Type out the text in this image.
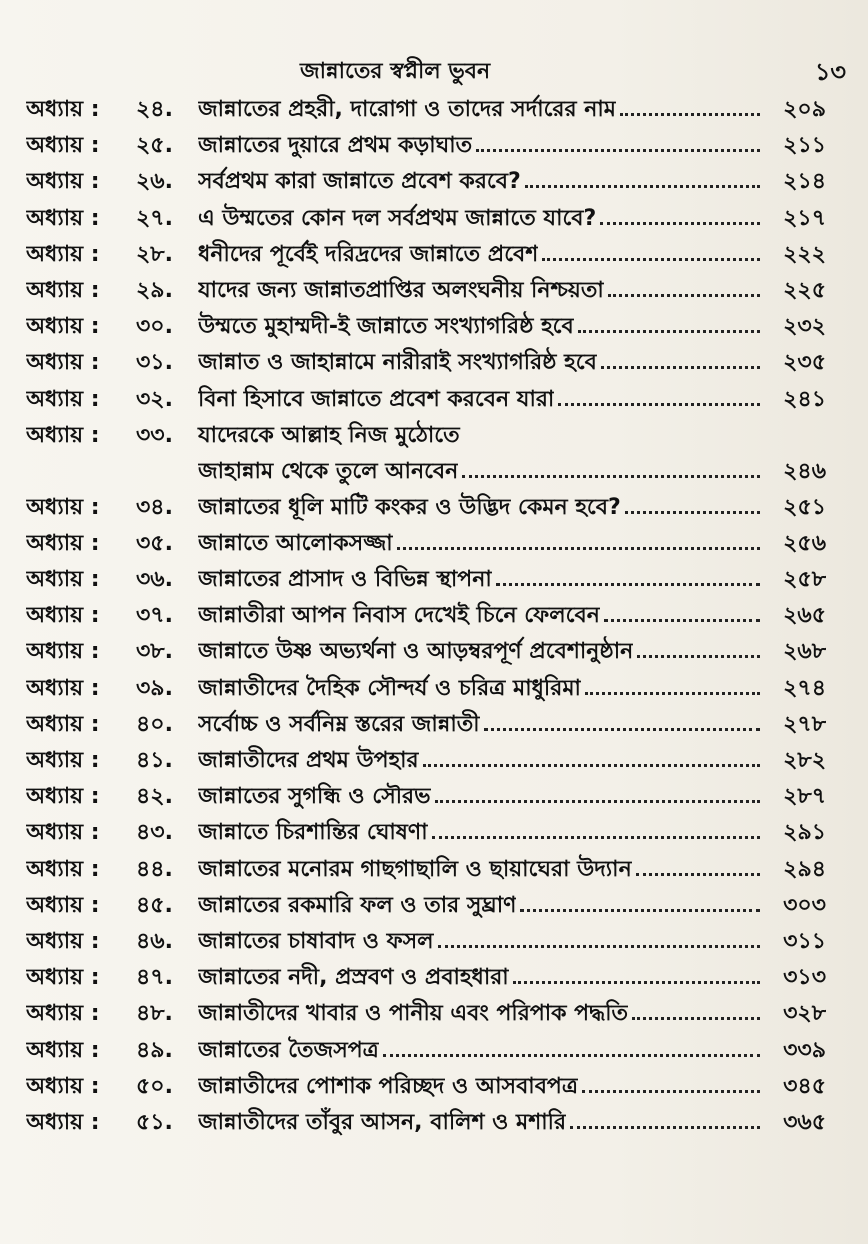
জান্নাতের স্বপ্নীল ভুবন	১৩
অধ্যায় :	২৪.	জান্নাতের প্রহরী, দারোগা ও তাদের সর্দারের নাম	২০৯
অধ্যায় :	২৫.	জান্নাতের দুয়ারে প্রথম কড়াঘাত	২১১
অধ্যায় :	২৬.	সর্বপ্রথম কারা জান্নাতে প্রবেশ করবে?	২১৪
অধ্যায় :	২৭.	এ উম্মতের কোন দল সর্বপ্রথম জান্নাতে যাবে?	২১৭
অধ্যায় :	২৮.	ধনীদের পূর্বেই দরিদ্রদের জান্নাতে প্রবেশ	২২২
অধ্যায় :	২৯.	যাদের জন্য জান্নাতপ্রাপ্তির অলংঘনীয় নিশ্চয়তা	২২৫
অধ্যায় :	৩০.	উম্মতে মুহাম্মদী-ই জান্নাতে সংখ্যাগরিষ্ঠ হবে	২৩২
অধ্যায় :	৩১.	জান্নাত ও জাহান্নামে নারীরাই সংখ্যাগরিষ্ঠ হবে	২৩৫
অধ্যায় :	৩২.	বিনা হিসাবে জান্নাতে প্রবেশ করবেন যারা	২৪১
অধ্যায় :	৩৩.	যাদেরকে আল্লাহ নিজ মুঠোতে
জাহান্নাম থেকে তুলে আনবেন	২৪৬
অধ্যায় :	৩৪.	জান্নাতের ধূলি মাটি কংকর ও উদ্ভিদ কেমন হবে?	২৫১
অধ্যায় :	৩৫.	জান্নাতে আলোকসজ্জা	২৫৬
অধ্যায় :	৩৬.	জান্নাতের প্রাসাদ ও বিভিন্ন স্থাপনা	২৫৮
অধ্যায় :	৩৭.	জান্নাতীরা আপন নিবাস দেখেই চিনে ফেলবেন	২৬৫
অধ্যায় :	৩৮.	জান্নাতে উষ্ণ অভ্যর্থনা ও আড়ম্বরপূর্ণ প্রবেশানুষ্ঠান	২৬৮
অধ্যায় :	৩৯.	জান্নাতীদের দৈহিক সৌন্দর্য ও চরিত্র মাধুরিমা	২৭৪
অধ্যায় :	৪০.	সর্বোচ্চ ও সর্বনিম্ন স্তরের জান্নাতী	২৭৮
অধ্যায় :	৪১.	জান্নাতীদের প্রথম উপহার	২৮২
অধ্যায় :	৪২.	জান্নাতের সুগন্ধি ও সৌরভ	২৮৭
অধ্যায় :	৪৩.	জান্নাতে চিরশান্তির ঘোষণা	২৯১
অধ্যায় :	৪৪.	জান্নাতের মনোরম গাছগাছালি ও ছায়াঘেরা উদ্যান	২৯৪
অধ্যায় :	৪৫.	জান্নাতের রকমারি ফল ও তার সুঘ্রাণ	৩০৩
অধ্যায় :	৪৬.	জান্নাতের চাষাবাদ ও ফসল	৩১১
অধ্যায় :	৪৭.	জান্নাতের নদী, প্রস্রবণ ও প্রবাহধারা	৩১৩
অধ্যায় :	৪৮.	জান্নাতীদের খাবার ও পানীয় এবং পরিপাক পদ্ধতি	৩২৮
অধ্যায় :	৪৯.	জান্নাতের তৈজসপত্র	৩৩৯
অধ্যায় :	৫০.	জান্নাতীদের পোশাক পরিচ্ছদ ও আসবাবপত্র	৩৪৫
অধ্যায় :	৫১.	জান্নাতীদের তাঁবুর আসন, বালিশ ও মশারি	৩৬৫
